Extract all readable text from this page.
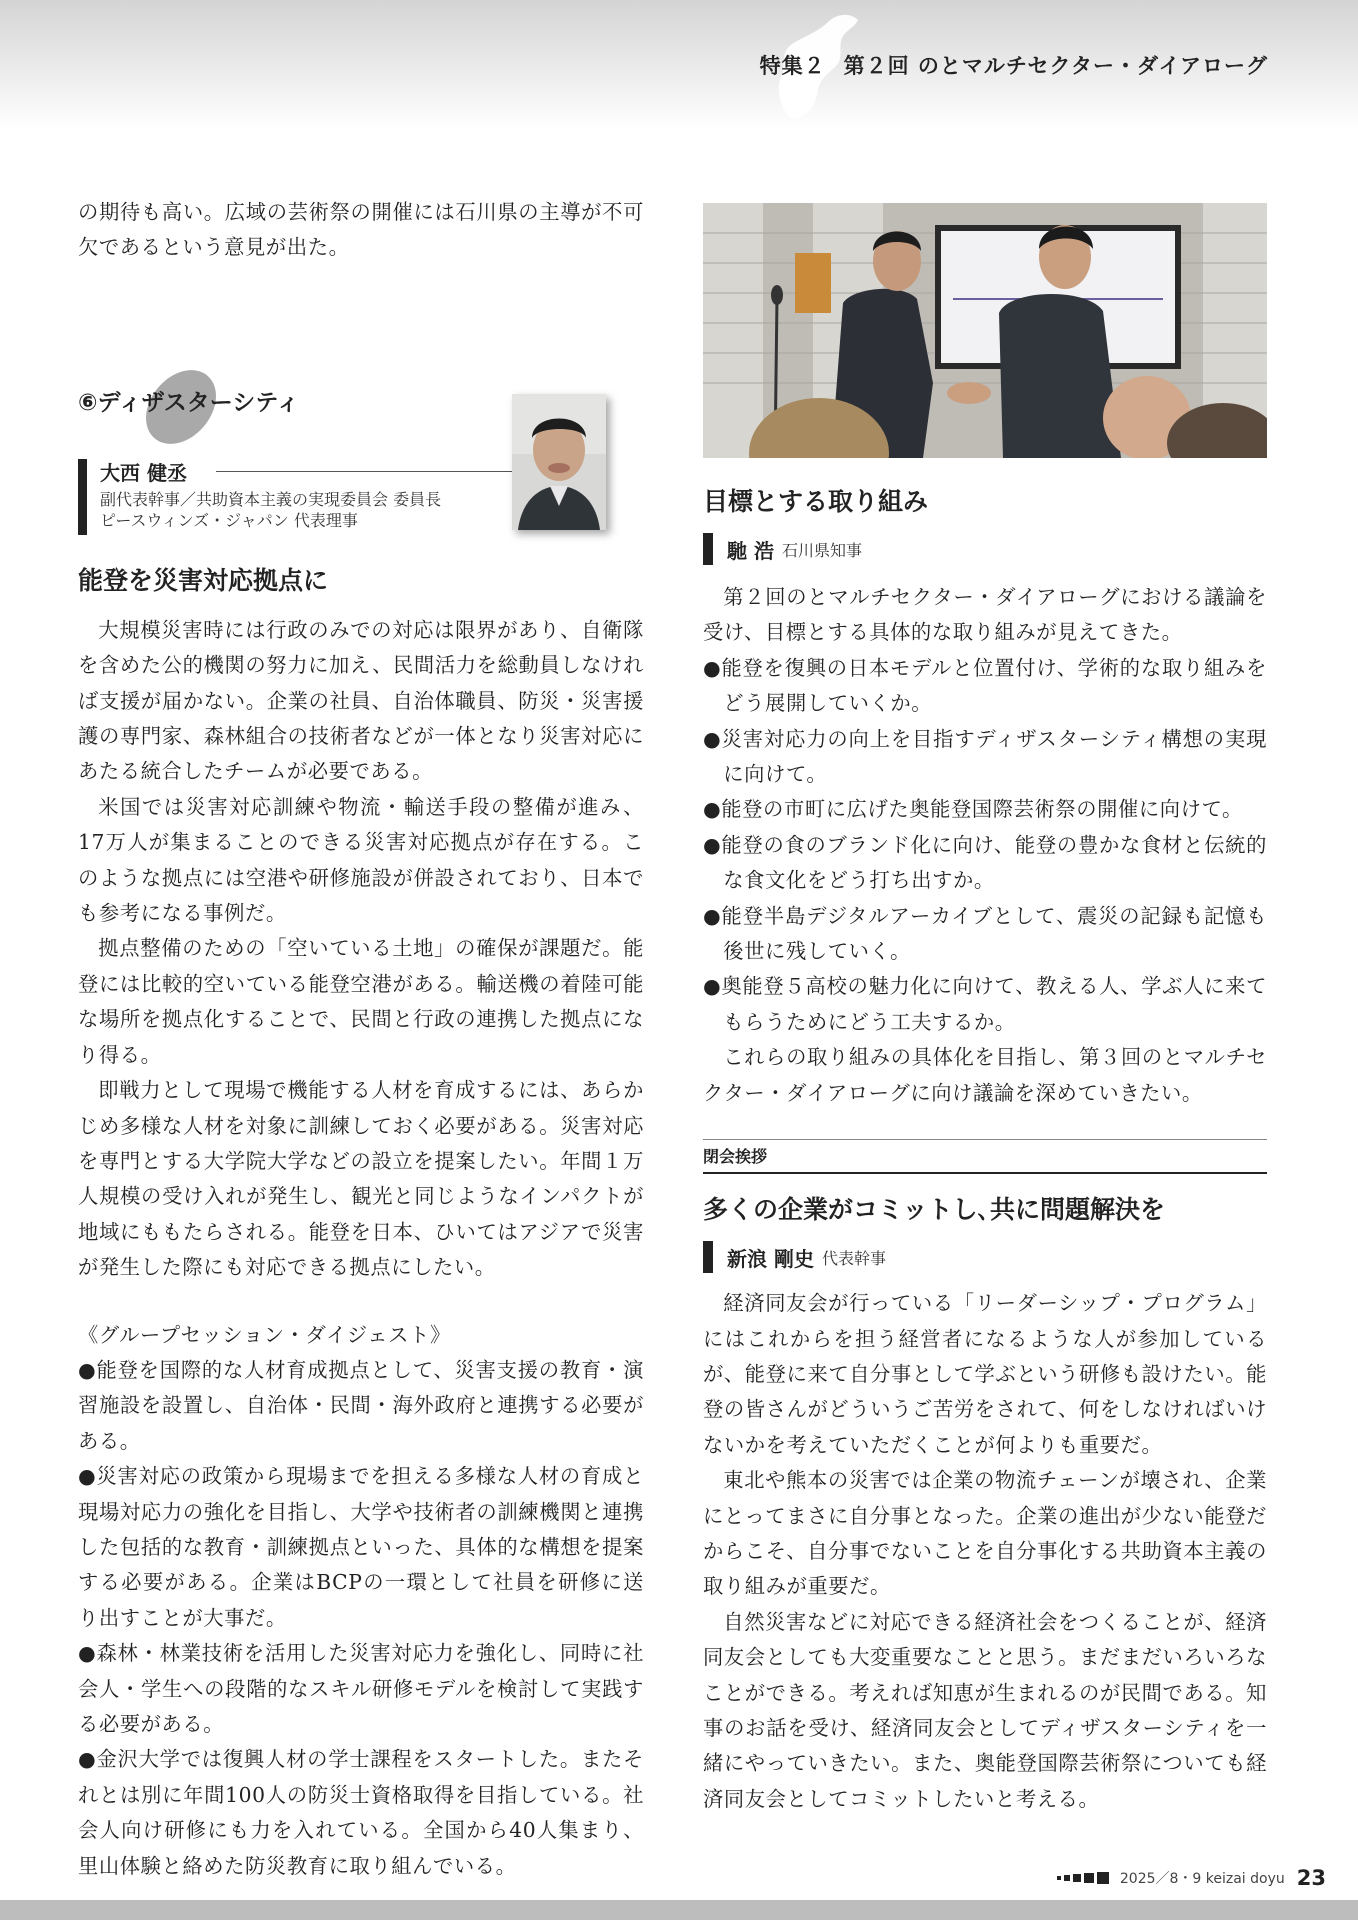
特集２ 第２回 のとマルチセクター・ダイアローグ

の期待も高い。広域の芸術祭の開催には石川県の主導が不可欠であるという意見が出た。

⑥ディザスターシティ
大西 健丞
副代表幹事／共助資本主義の実現委員会 委員長
ピースウィンズ・ジャパン 代表理事
能登を災害対応拠点に

大規模災害時には行政のみでの対応は限界があり、自衛隊を含めた公的機関の努力に加え、民間活力を総動員しなければ支援が届かない。企業の社員、自治体職員、防災・災害援護の専門家、森林組合の技術者などが一体となり災害対応にあたる統合したチームが必要である。

米国では災害対応訓練や物流・輸送手段の整備が進み、17万人が集まることのできる災害対応拠点が存在する。このような拠点には空港や研修施設が併設されており、日本でも参考になる事例だ。

拠点整備のための「空いている土地」の確保が課題だ。能登には比較的空いている能登空港がある。輸送機の着陸可能な場所を拠点化することで、民間と行政の連携した拠点になり得る。

即戦力として現場で機能する人材を育成するには、あらかじめ多様な人材を対象に訓練しておく必要がある。災害対応を専門とする大学院大学などの設立を提案したい。年間１万人規模の受け入れが発生し、観光と同じようなインパクトが地域にももたらされる。能登を日本、ひいてはアジアで災害が発生した際にも対応できる拠点にしたい。

《グループセッション・ダイジェスト》

●能登を国際的な人材育成拠点として、災害支援の教育・演習施設を設置し、自治体・民間・海外政府と連携する必要がある。

●災害対応の政策から現場までを担える多様な人材の育成と現場対応力の強化を目指し、大学や技術者の訓練機関と連携した包括的な教育・訓練拠点といった、具体的な構想を提案する必要がある。企業はBCPの一環として社員を研修に送り出すことが大事だ。

●森林・林業技術を活用した災害対応力を強化し、同時に社会人・学生への段階的なスキル研修モデルを検討して実践する必要がある。

●金沢大学では復興人材の学士課程をスタートした。またそれとは別に年間100人の防災士資格取得を目指している。社会人向け研修にも力を入れている。全国から40人集まり、里山体験と絡めた防災教育に取り組んでいる。

目標とする取り組み
馳 浩 石川県知事

第２回のとマルチセクター・ダイアローグにおける議論を受け、目標とする具体的な取り組みが見えてきた。

●能登を復興の日本モデルと位置付け、学術的な取り組みをどう展開していくか。

●災害対応力の向上を目指すディザスターシティ構想の実現に向けて。

●能登の市町に広げた奥能登国際芸術祭の開催に向けて。

●能登の食のブランド化に向け、能登の豊かな食材と伝統的な食文化をどう打ち出すか。

●能登半島デジタルアーカイブとして、震災の記録も記憶も後世に残していく。

●奥能登５高校の魅力化に向けて、教える人、学ぶ人に来てもらうためにどう工夫するか。

これらの取り組みの具体化を目指し、第３回のとマルチセクター・ダイアローグに向け議論を深めていきたい。

閉会挨拶
多くの企業がコミットし､共に問題解決を
新浪 剛史 代表幹事

経済同友会が行っている「リーダーシップ・プログラム」にはこれからを担う経営者になるような人が参加しているが、能登に来て自分事として学ぶという研修も設けたい。能登の皆さんがどういうご苦労をされて、何をしなければいけないかを考えていただくことが何よりも重要だ。

東北や熊本の災害では企業の物流チェーンが壊され、企業にとってまさに自分事となった。企業の進出が少ない能登だからこそ、自分事でないことを自分事化する共助資本主義の取り組みが重要だ。

自然災害などに対応できる経済社会をつくることが、経済同友会としても大変重要なことと思う。まだまだいろいろなことができる。考えれば知恵が生まれるのが民間である。知事のお話を受け、経済同友会としてディザスターシティを一緒にやっていきたい。また、奥能登国際芸術祭についても経済同友会としてコミットしたいと考える。

2025／8・9 keizai doyu 23
